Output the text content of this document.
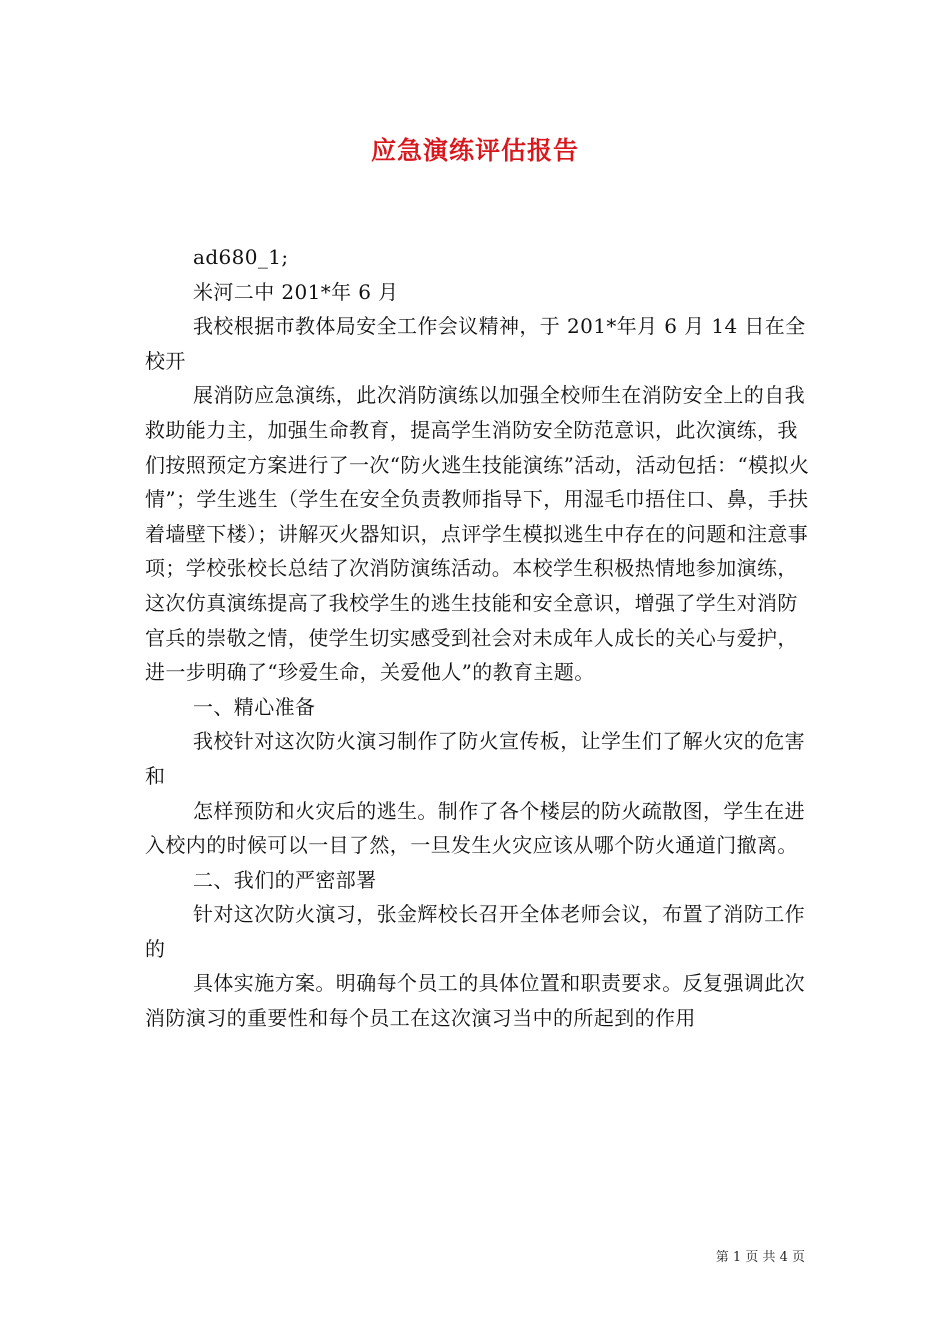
应急演练评估报告

ad680_1;

米河二中 201*年 6 月

我校根据市教体局安全工作会议精神，于 201*年月 6 月 14 日在全校开

展消防应急演练，此次消防演练以加强全校师生在消防安全上的自我救助能力主，加强生命教育，提高学生消防安全防范意识，此次演练，我们按照预定方案进行了一次“防火逃生技能演练”活动，活动包括：“模拟火情”；学生逃生（学生在安全负责教师指导下，用湿毛巾捂住口、鼻，手扶着墙壁下楼）；讲解灭火器知识，点评学生模拟逃生中存在的问题和注意事项；学校张校长总结了次消防演练活动。本校学生积极热情地参加演练，这次仿真演练提高了我校学生的逃生技能和安全意识，增强了学生对消防官兵的崇敬之情，使学生切实感受到社会对未成年人成长的关心与爱护，进一步明确了“珍爱生命，关爱他人”的教育主题。

一、精心准备

我校针对这次防火演习制作了防火宣传板，让学生们了解火灾的危害和

怎样预防和火灾后的逃生。制作了各个楼层的防火疏散图，学生在进入校内的时候可以一目了然，一旦发生火灾应该从哪个防火通道门撤离。

二、我们的严密部署

针对这次防火演习，张金辉校长召开全体老师会议，布置了消防工作的

具体实施方案。明确每个员工的具体位置和职责要求。反复强调此次消防演习的重要性和每个员工在这次演习当中的所起到的作用

第 1 页 共 4 页
